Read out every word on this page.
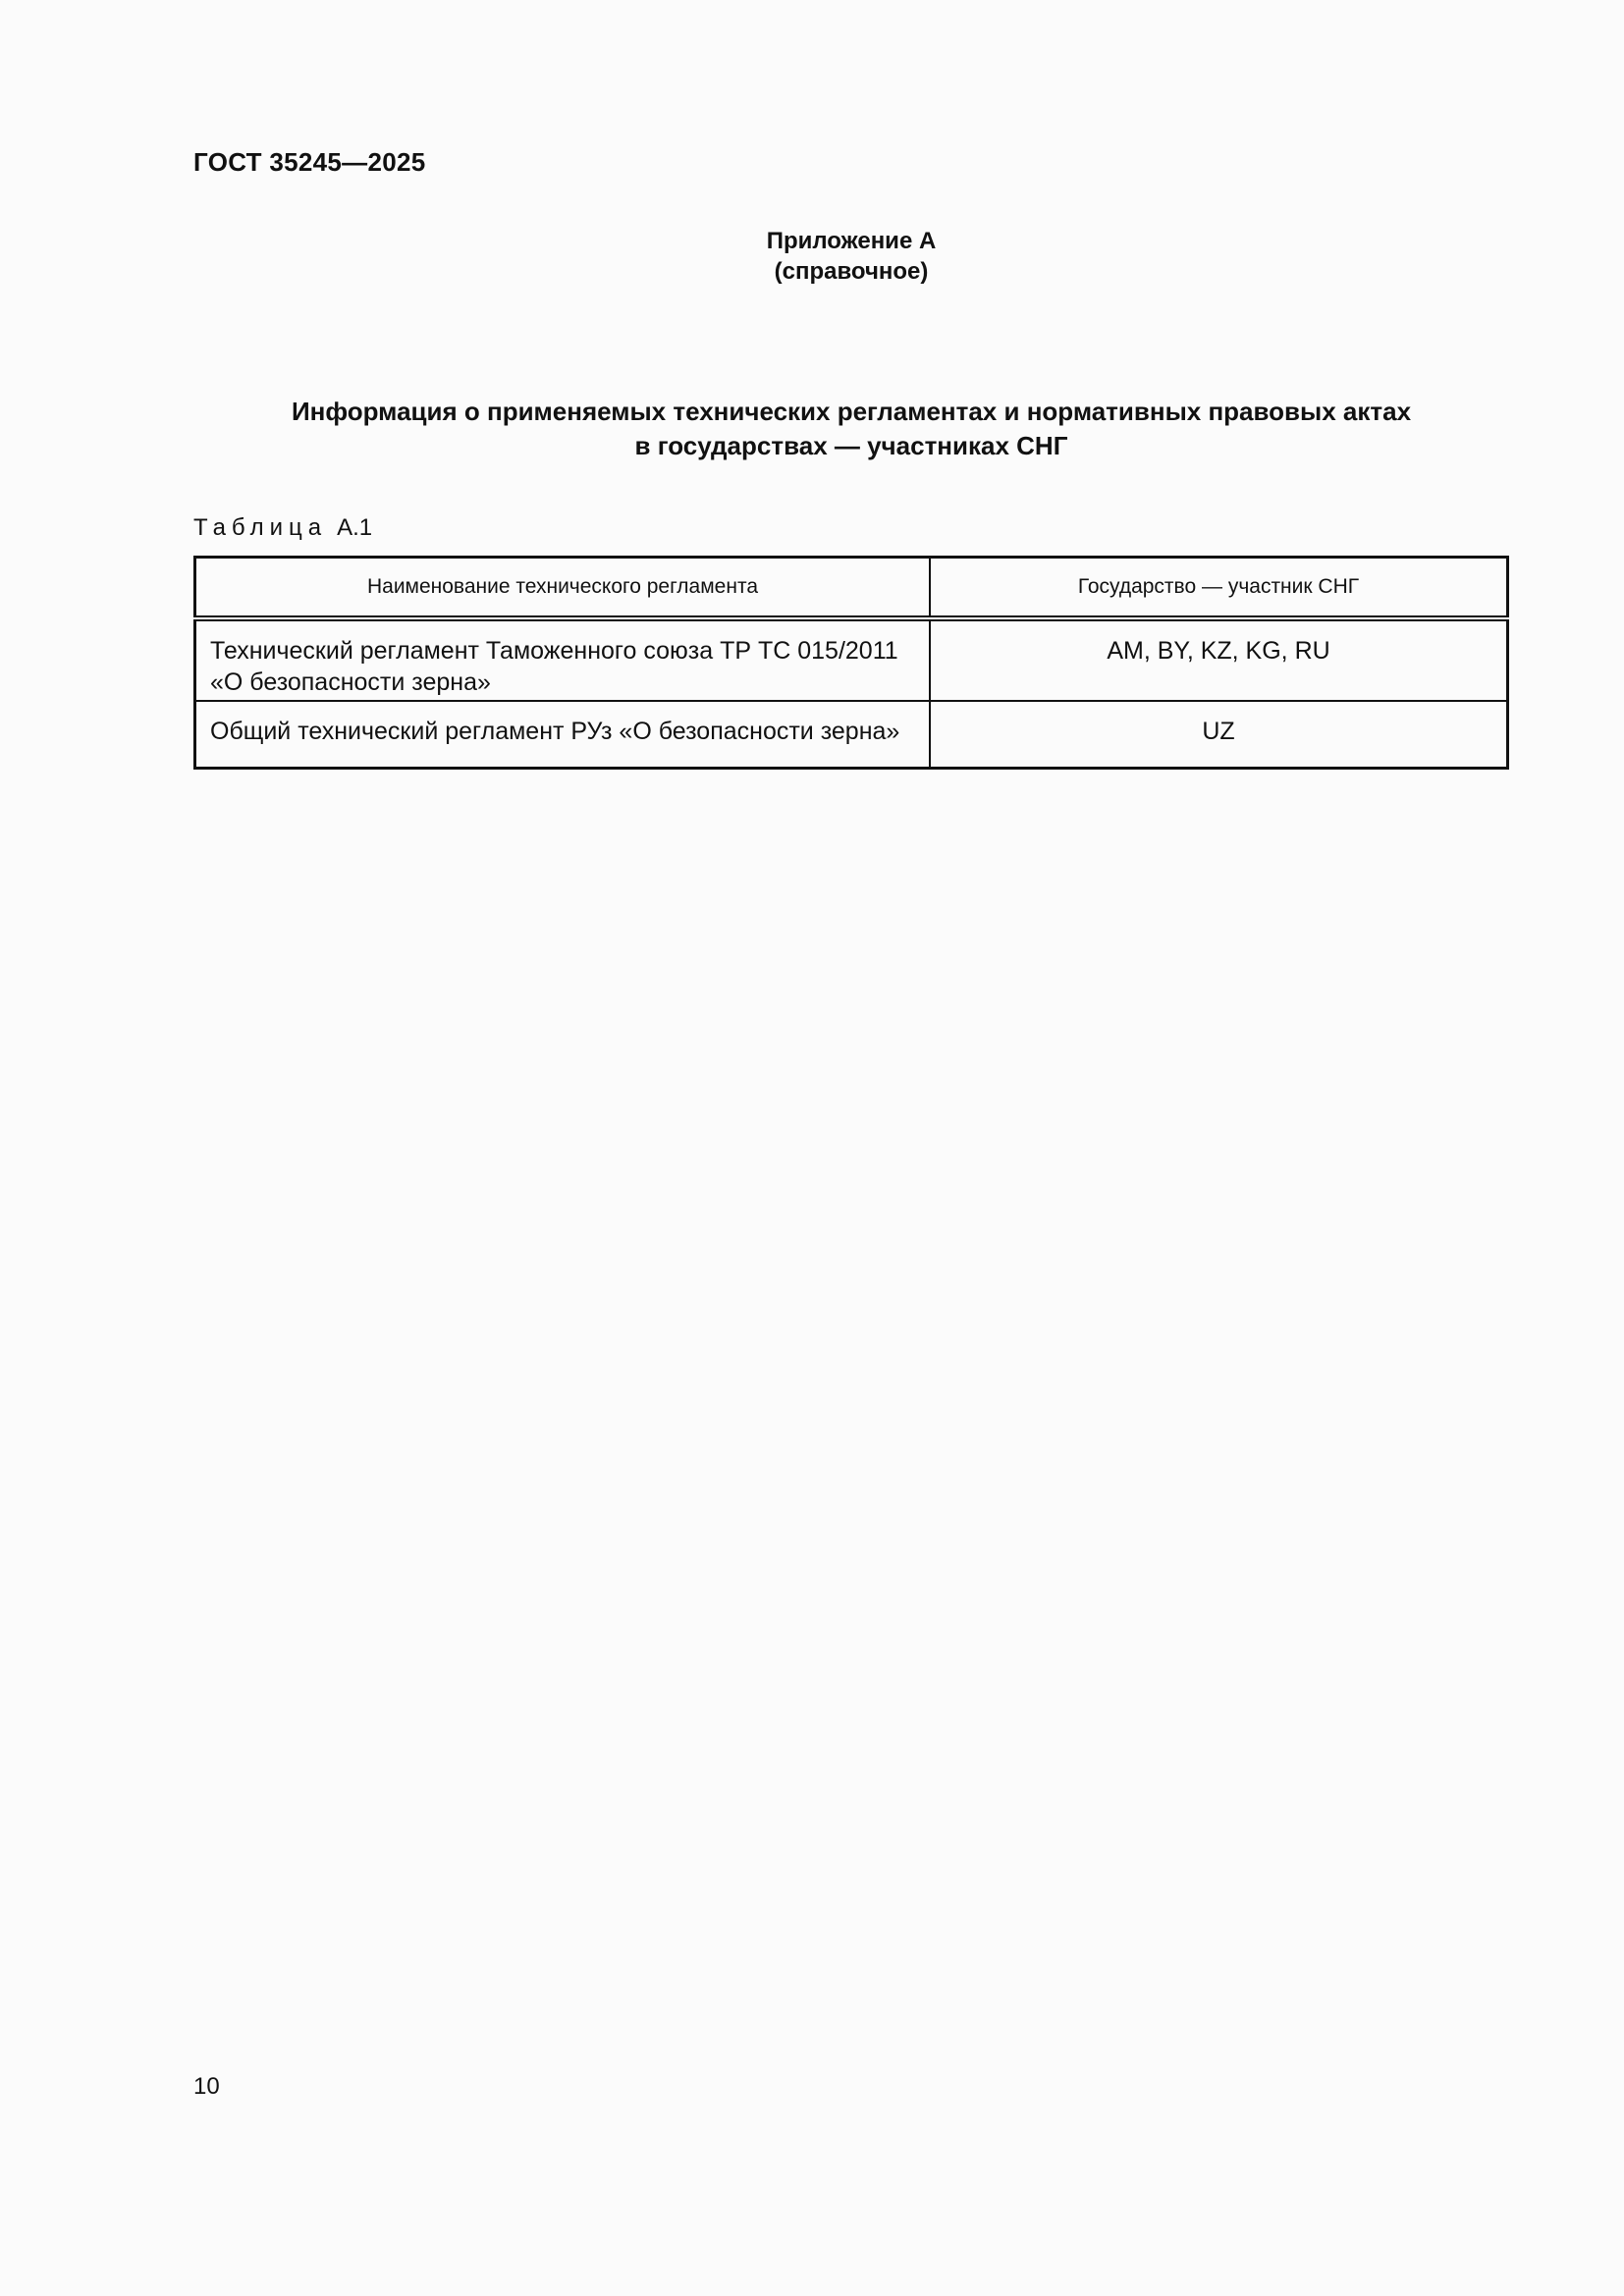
ГОСТ 35245—2025
Приложение А
(справочное)
Информация о применяемых технических регламентах и нормативных правовых актах
в государствах — участниках СНГ
Таблица А.1
Наименование технического регламента	Государство — участник СНГ

Технический регламент Таможенного союза ТР ТС 015/2011
«О безопасности зерна»	AM, BY, KZ, KG, RU
Общий технический регламент РУз «О безопасности зерна»	UZ
10
